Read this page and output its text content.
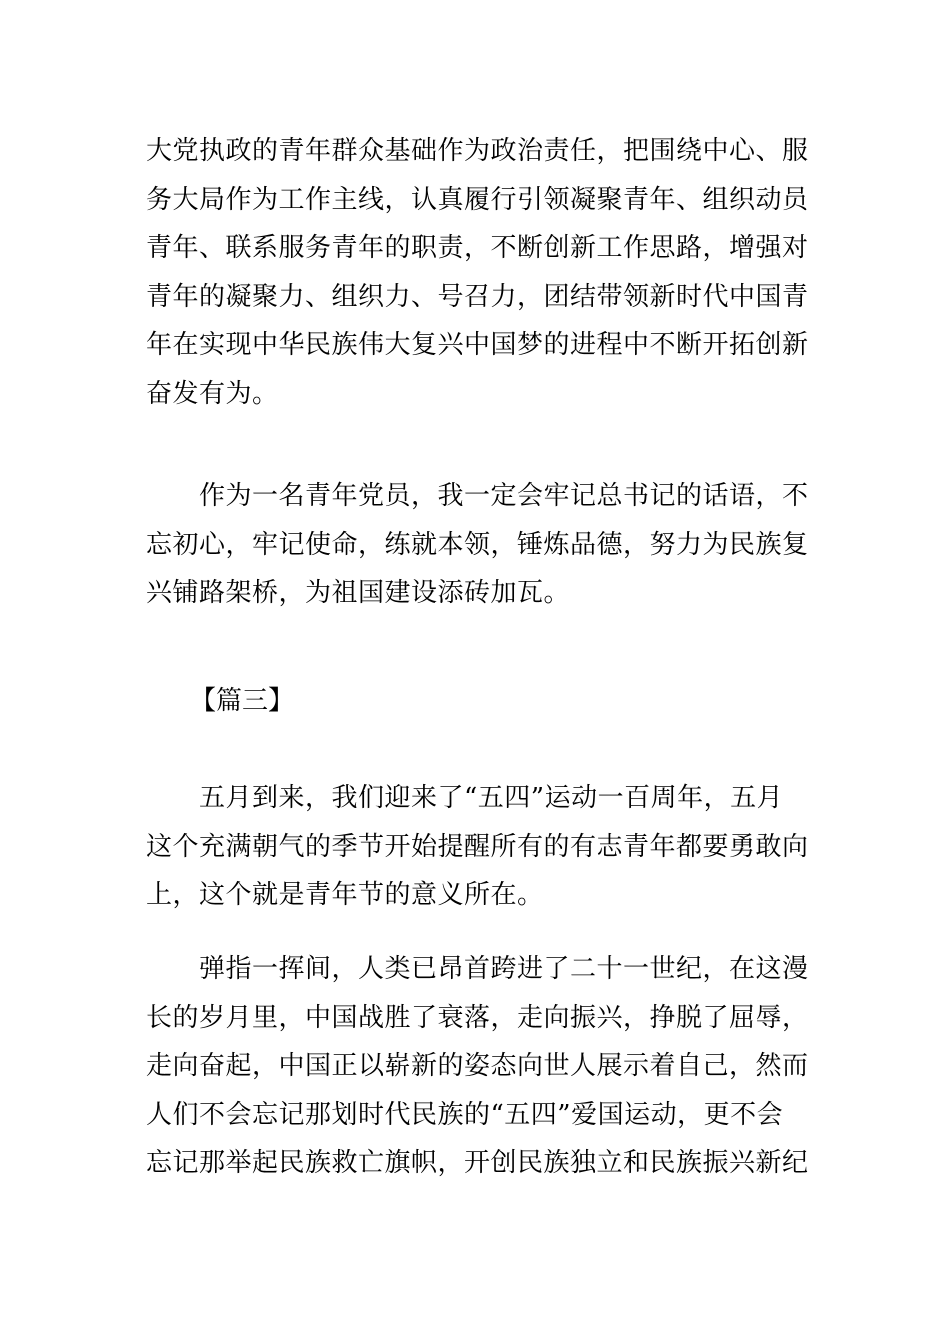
大党执政的青年群众基础作为政治责任，把围绕中心、服
务大局作为工作主线，认真履行引领凝聚青年、组织动员
青年、联系服务青年的职责，不断创新工作思路，增强对
青年的凝聚力、组织力、号召力，团结带领新时代中国青
年在实现中华民族伟大复兴中国梦的进程中不断开拓创新
奋发有为。
作为一名青年党员，我一定会牢记总书记的话语，不
忘初心，牢记使命，练就本领，锤炼品德，努力为民族复
兴铺路架桥，为祖国建设添砖加瓦。
【篇三】
五月到来，我们迎来了“五四”运动一百周年，五月
这个充满朝气的季节开始提醒所有的有志青年都要勇敢向
上，这个就是青年节的意义所在。
弹指一挥间，人类已昂首跨进了二十一世纪，在这漫
长的岁月里，中国战胜了衰落，走向振兴，挣脱了屈辱，
走向奋起，中国正以崭新的姿态向世人展示着自己，然而
人们不会忘记那划时代民族的“五四”爱国运动，更不会
忘记那举起民族救亡旗帜，开创民族独立和民族振兴新纪
